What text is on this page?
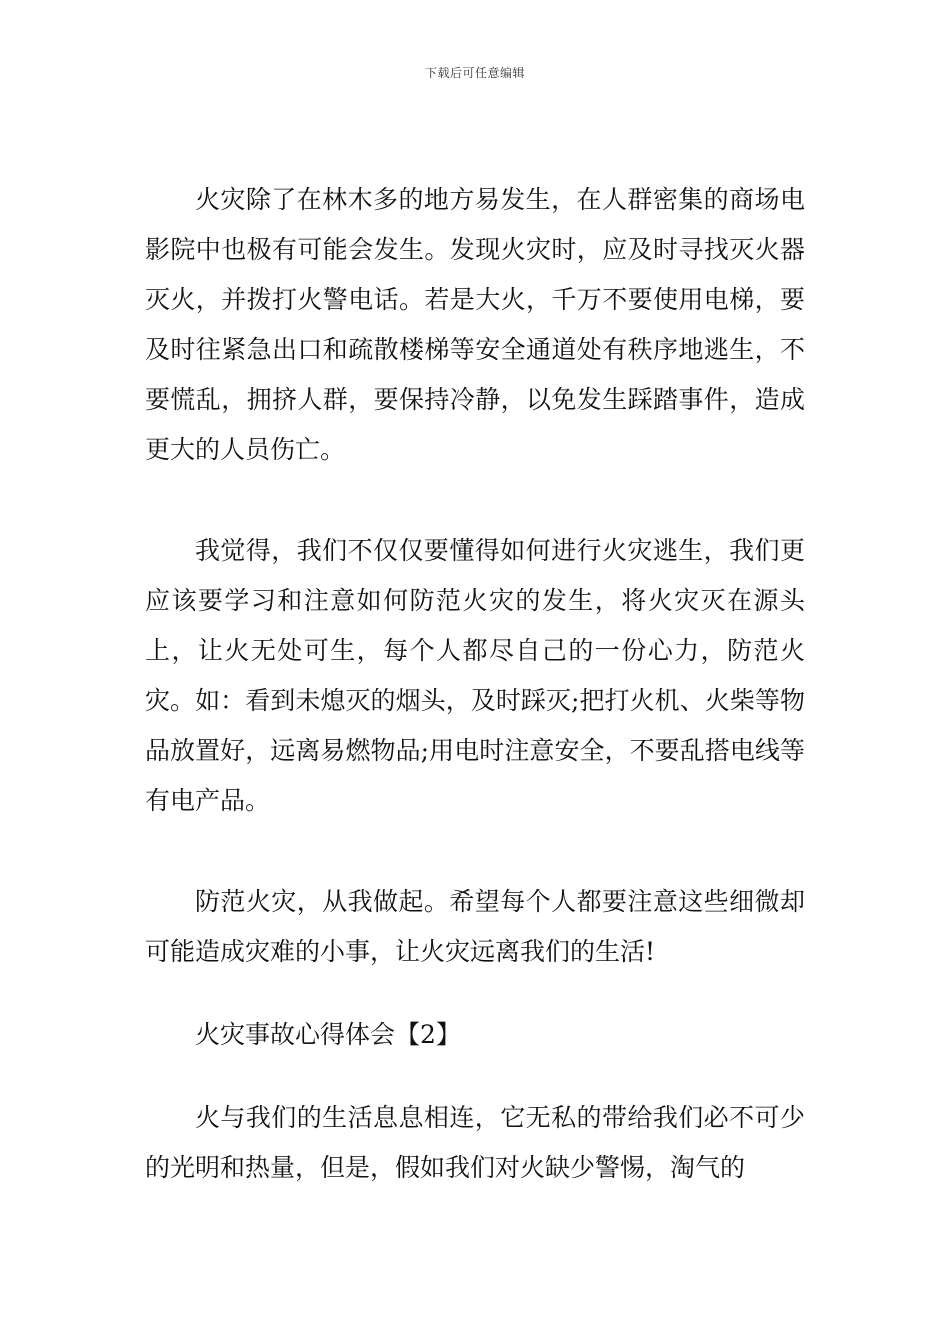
下载后可任意编辑

火灾除了在林木多的地方易发生，在人群密集的商场电影院中也极有可能会发生。发现火灾时，应及时寻找灭火器灭火，并拨打火警电话。若是大火，千万不要使用电梯，要及时往紧急出口和疏散楼梯等安全通道处有秩序地逃生，不要慌乱，拥挤人群，要保持冷静，以免发生踩踏事件，造成更大的人员伤亡。

我觉得，我们不仅仅要懂得如何进行火灾逃生，我们更应该要学习和注意如何防范火灾的发生，将火灾灭在源头上，让火无处可生，每个人都尽自己的一份心力，防范火灾。如：看到未熄灭的烟头，及时踩灭;把打火机、火柴等物品放置好，远离易燃物品;用电时注意安全，不要乱搭电线等有电产品。

防范火灾，从我做起。希望每个人都要注意这些细微却可能造成灾难的小事，让火灾远离我们的生活!

火灾事故心得体会【2】

火与我们的生活息息相连，它无私的带给我们必不可少的光明和热量，但是，假如我们对火缺少警惕，淘气的
